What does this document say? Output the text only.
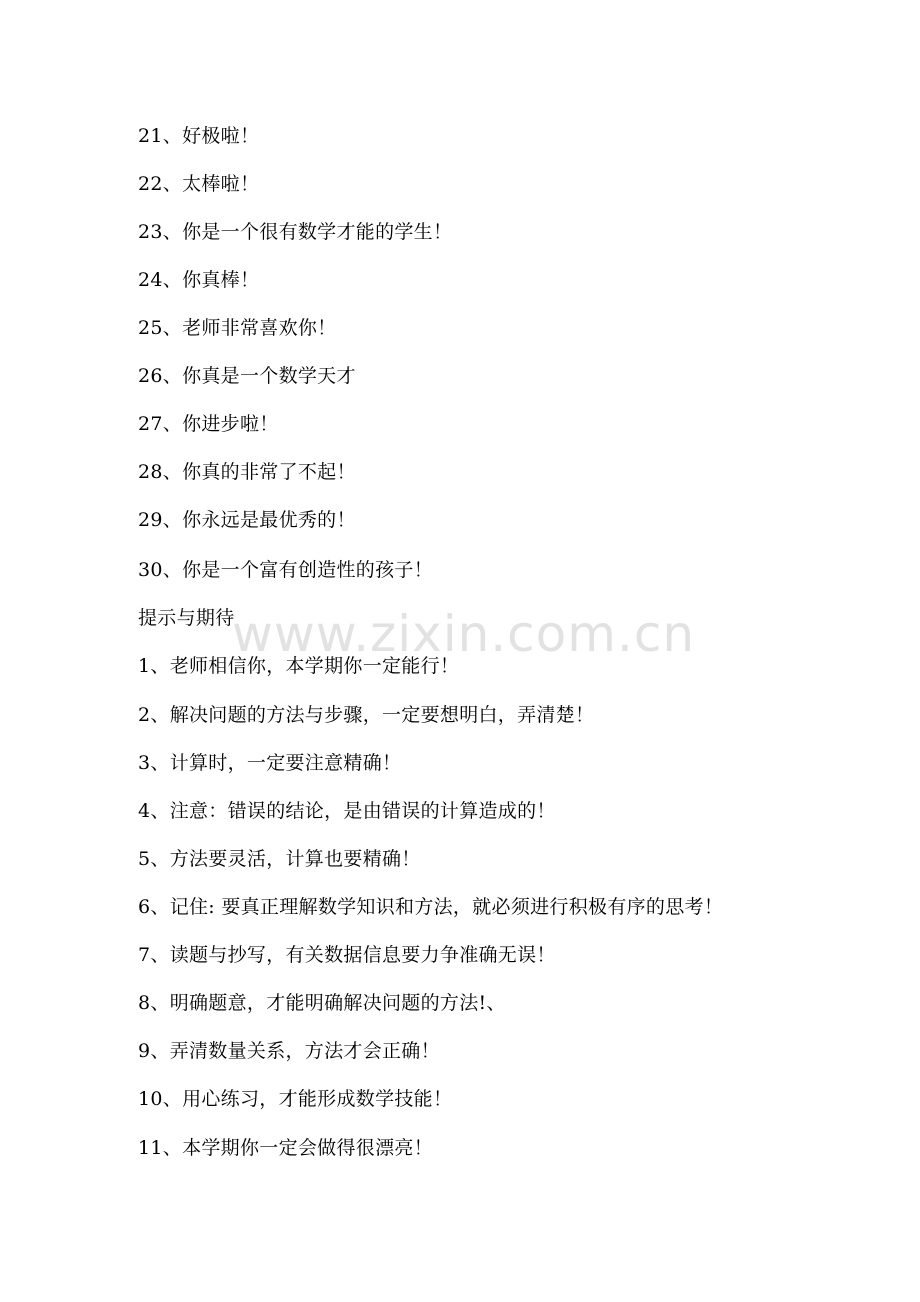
21、好极啦！
22、太棒啦！
23、你是一个很有数学才能的学生！
24、你真棒！
25、老师非常喜欢你！
26、你真是一个数学天才
27、你进步啦！
28、你真的非常了不起！
29、你永远是最优秀的！
30、你是一个富有创造性的孩子！
提示与期待
1、老师相信你，本学期你一定能行！
2、解决问题的方法与步骤，一定要想明白，弄清楚！
3、计算时，一定要注意精确！
4、注意：错误的结论，是由错误的计算造成的！
5、方法要灵活，计算也要精确！
6、记住: 要真正理解数学知识和方法，就必须进行积极有序的思考！
7、读题与抄写，有关数据信息要力争准确无误！
8、明确题意，才能明确解决问题的方法!、
9、弄清数量关系，方法才会正确！
10、用心练习，才能形成数学技能！
11、本学期你一定会做得很漂亮！
www.zixin.com.cn
